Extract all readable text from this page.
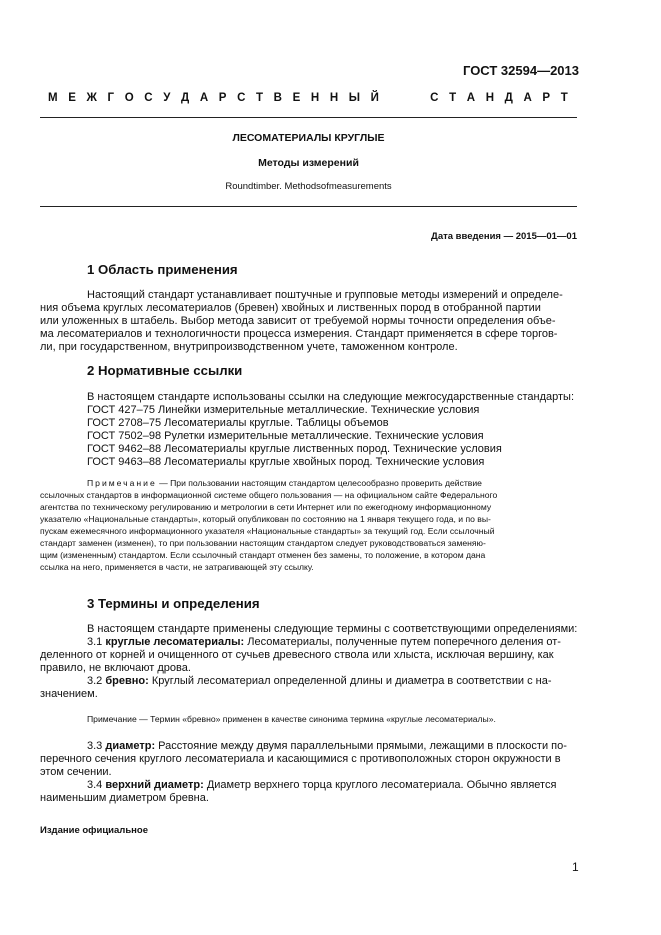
ГОСТ 32594—2013
М Е Ж Г О С У Д А Р С Т В Е Н Н Ы Й	С Т А Н Д А Р Т
ЛЕСОМАТЕРИАЛЫ КРУГЛЫЕ
Методы измерений
Roundtimber. Methodsofmeasurements
Дата введения — 2015—01—01
1 Область применения
Настоящий стандарт устанавливает поштучные и групповые методы измерений и определе-
ния объема круглых лесоматериалов (бревен) хвойных и лиственных пород в отобранной партии
или уложенных в штабель. Выбор метода зависит от требуемой нормы точности определения объе-
ма лесоматериалов и технологичности процесса измерения. Стандарт применяется в сфере торгов-
ли, при государственном, внутрипроизводственном учете, таможенном контроле.
2 Нормативные ссылки
В настоящем стандарте использованы ссылки на следующие межгосударственные стандарты:
ГОСТ 427–75 Линейки измерительные металлические. Технические условия
ГОСТ 2708–75 Лесоматериалы круглые. Таблицы объемов
ГОСТ 7502–98 Рулетки измерительные металлические. Технические условия
ГОСТ 9462–88 Лесоматериалы круглые лиственных пород. Технические условия
ГОСТ 9463–88 Лесоматериалы круглые хвойных пород. Технические условия
Примечание — При пользовании настоящим стандартом целесообразно проверить действие
ссылочных стандартов в информационной системе общего пользования — на официальном сайте Федерального
агентства по техническому регулированию и метрологии в сети Интернет или по ежегодному информационному
указателю «Национальные стандарты», который опубликован по состоянию на 1 января текущего года, и по вы-
пускам ежемесячного информационного указателя «Национальные стандарты» за текущий год. Если ссылочный
стандарт заменен (изменен), то при пользовании настоящим стандартом следует руководствоваться заменяю-
щим (измененным) стандартом. Если ссылочный стандарт отменен без замены, то положение, в котором дана
ссылка на него, применяется в части, не затрагивающей эту ссылку.
3 Термины и определения
В настоящем стандарте применены следующие термины с соответствующими определениями:
3.1 круглые лесоматериалы: Лесоматериалы, полученные путем поперечного деления от-
деленного от корней и очищенного от сучьев древесного ствола или хлыста, исключая вершину, как
правило, не включают дрова.
3.2 бревно: Круглый лесоматериал определенной длины и диаметра в соответствии с на-
значением.
Примечание — Термин «бревно» применен в качестве синонима термина «круглые лесоматериалы».
3.3 диаметр: Расстояние между двумя параллельными прямыми, лежащими в плоскости по-
перечного сечения круглого лесоматериала и касающимися с противоположных сторон окружности в
этом сечении.
3.4 верхний диаметр: Диаметр верхнего торца круглого лесоматериала. Обычно является
наименьшим диаметром бревна.
Издание официальное
1
